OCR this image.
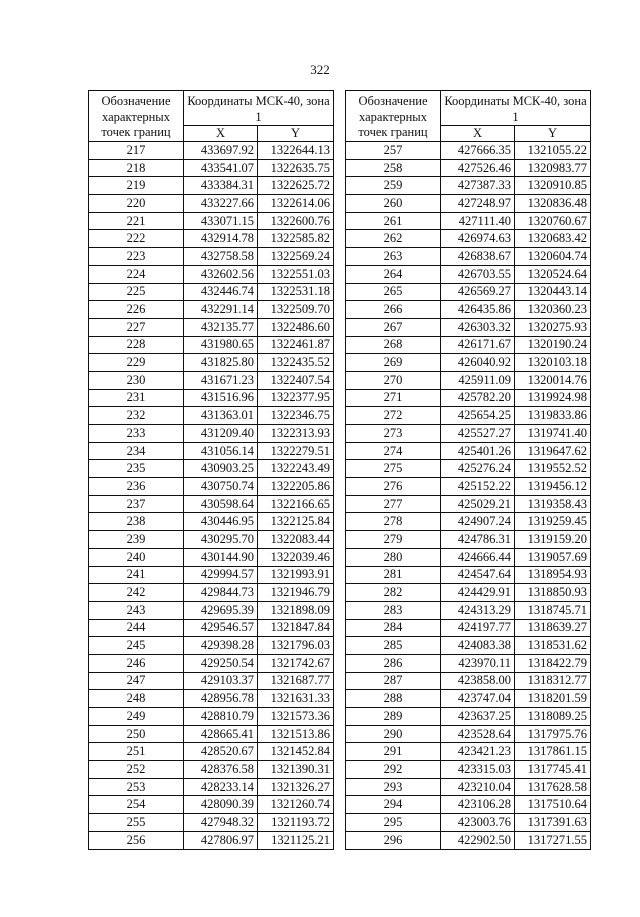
322
Обозначение характерных точек границ	Координаты МСК-40, зона 1	
	X	Y
217	433697.92	1322644.13
218	433541.07	1322635.75
219	433384.31	1322625.72
220	433227.66	1322614.06
221	433071.15	1322600.76
222	432914.78	1322585.82
223	432758.58	1322569.24
224	432602.56	1322551.03
225	432446.74	1322531.18
226	432291.14	1322509.70
227	432135.77	1322486.60
228	431980.65	1322461.87
229	431825.80	1322435.52
230	431671.23	1322407.54
231	431516.96	1322377.95
232	431363.01	1322346.75
233	431209.40	1322313.93
234	431056.14	1322279.51
235	430903.25	1322243.49
236	430750.74	1322205.86
237	430598.64	1322166.65
238	430446.95	1322125.84
239	430295.70	1322083.44
240	430144.90	1322039.46
241	429994.57	1321993.91
242	429844.73	1321946.79
243	429695.39	1321898.09
244	429546.57	1321847.84
245	429398.28	1321796.03
246	429250.54	1321742.67
247	429103.37	1321687.77
248	428956.78	1321631.33
249	428810.79	1321573.36
250	428665.41	1321513.86
251	428520.67	1321452.84
252	428376.58	1321390.31
253	428233.14	1321326.27
254	428090.39	1321260.74
255	427948.32	1321193.72
256	427806.97	1321125.21
Обозначение характерных точек границ	Координаты МСК-40, зона 1	
	X	Y
257	427666.35	1321055.22
258	427526.46	1320983.77
259	427387.33	1320910.85
260	427248.97	1320836.48
261	427111.40	1320760.67
262	426974.63	1320683.42
263	426838.67	1320604.74
264	426703.55	1320524.64
265	426569.27	1320443.14
266	426435.86	1320360.23
267	426303.32	1320275.93
268	426171.67	1320190.24
269	426040.92	1320103.18
270	425911.09	1320014.76
271	425782.20	1319924.98
272	425654.25	1319833.86
273	425527.27	1319741.40
274	425401.26	1319647.62
275	425276.24	1319552.52
276	425152.22	1319456.12
277	425029.21	1319358.43
278	424907.24	1319259.45
279	424786.31	1319159.20
280	424666.44	1319057.69
281	424547.64	1318954.93
282	424429.91	1318850.93
283	424313.29	1318745.71
284	424197.77	1318639.27
285	424083.38	1318531.62
286	423970.11	1318422.79
287	423858.00	1318312.77
288	423747.04	1318201.59
289	423637.25	1318089.25
290	423528.64	1317975.76
291	423421.23	1317861.15
292	423315.03	1317745.41
293	423210.04	1317628.58
294	423106.28	1317510.64
295	423003.76	1317391.63
296	422902.50	1317271.55
